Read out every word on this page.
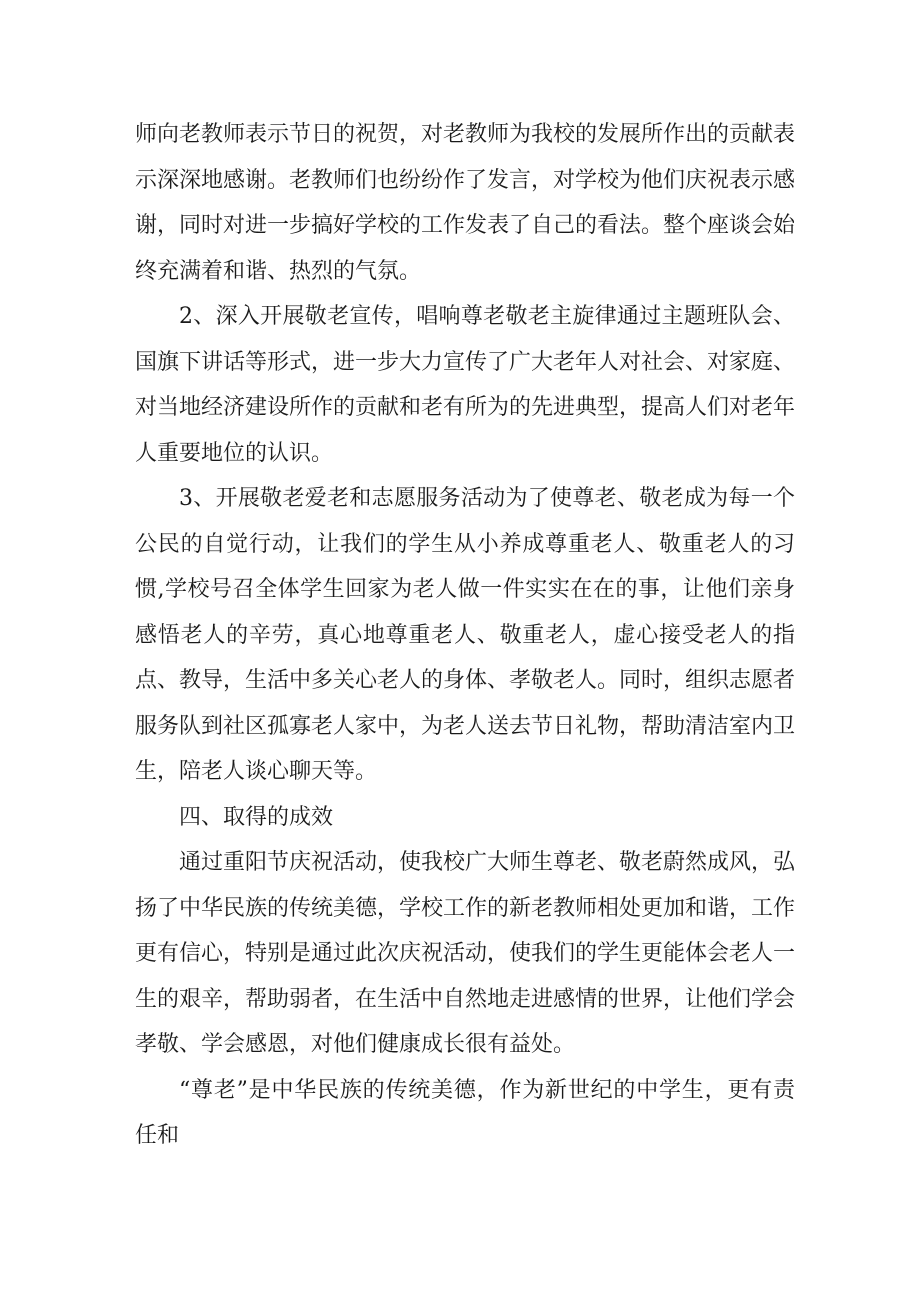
师向老教师表示节日的祝贺，对老教师为我校的发展所作出的贡献表示深深地感谢。老教师们也纷纷作了发言，对学校为他们庆祝表示感谢，同时对进一步搞好学校的工作发表了自己的看法。整个座谈会始终充满着和谐、热烈的气氛。

2、深入开展敬老宣传，唱响尊老敬老主旋律通过主题班队会、国旗下讲话等形式，进一步大力宣传了广大老年人对社会、对家庭、对当地经济建设所作的贡献和老有所为的先进典型，提高人们对老年人重要地位的认识。

3、开展敬老爱老和志愿服务活动为了使尊老、敬老成为每一个公民的自觉行动，让我们的学生从小养成尊重老人、敬重老人的习惯,学校号召全体学生回家为老人做一件实实在在的事，让他们亲身感悟老人的辛劳，真心地尊重老人、敬重老人，虚心接受老人的指点、教导，生活中多关心老人的身体、孝敬老人。同时，组织志愿者服务队到社区孤寡老人家中，为老人送去节日礼物，帮助清洁室内卫生，陪老人谈心聊天等。

四、取得的成效

通过重阳节庆祝活动，使我校广大师生尊老、敬老蔚然成风，弘扬了中华民族的传统美德，学校工作的新老教师相处更加和谐，工作更有信心，特别是通过此次庆祝活动，使我们的学生更能体会老人一生的艰辛，帮助弱者，在生活中自然地走进感情的世界，让他们学会孝敬、学会感恩，对他们健康成长很有益处。

“尊老”是中华民族的传统美德，作为新世纪的中学生，更有责任和
